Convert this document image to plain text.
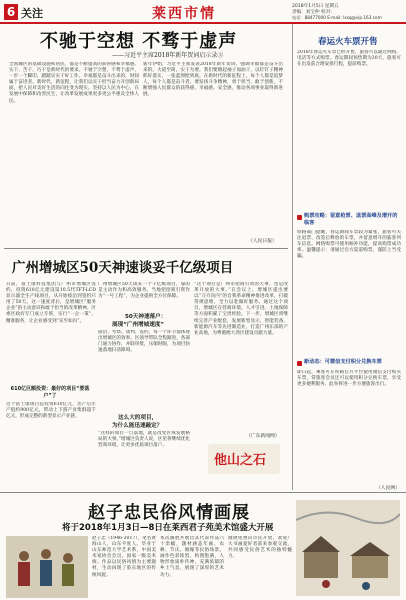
6 关注	莱西市情	2018年1月5日 星期五
责编：刘宝仲 校对：
电话：88477000 E-mail: lxsq@vip.163.com
不驰于空想 不骛于虚声
——习近平主席2018年新年贺词启示录③
全国城区的基础设施和居民，都是不断提高的获得感和幸福感。实干、苦干、巧干是新时代的要求。不驰于空想，不骛于虚声，一步一个脚印，踏踏实实干好工作。幸福都是奋斗出来的，时间属于奋进者。新时代，新征程，让我们以实干担当奋力开创新局面，把人民对美好生活的向往变为现实。坚持以人民为中心，在发展中保障和改善民生，让改革发展成果更多更公平惠及全体人民。
新年伊始，习近平主席发表2018年新年贺词，强调幸福都是奋斗出来的。大道至简，实干为要。我们要撸起袖子加油干，以钉钉子精神抓好落实，一张蓝图绘到底。在新时代的新征程上，每个人都是追梦人，每个人都是奋斗者。要发扬斗争精神，勇于担当，敢于创新，不断增强人民群众的获得感、幸福感、安全感，推动各项事业取得新进展。
（人民日报）
广州增城区50天神速谈妥千亿级项目
日前，富士康科技集团与广州市增城区签约，投资610亿元建设第10.5代TFT-LCD显示器全生产线项目，从开始接洽到签约只用了50天。这一速度背后，是增城区“服务企业”的主动意识和敢于担当的改革精神。区委区政府专门成立专班，实行“一企一策”，精准服务，让企业感受到“宾至如归”。
610亿巨额投资：最好的项目“要落户”了
这个富士康项目总投资610亿元，达产后年产值约900亿元，带动上下游产业集群超千亿元，形成完整的新型显示产业链。
广州增城区50天谈妥一个千亿级项目，靠的是主动作为和高效服务。当地把招商引资作为“一号工程”，为企业提供全方位保障。
50天神速落户：
展现“广州增城速度”
接洽、考察、谈判、签约，每一个环节都体现出增城区的效率。区领导带队全程跟进，各部门通力协作，并联审批，压缩时限，为项目快速落地扫清障碍。
这么大的项目，
为什么能迅速敲定？
“这样的项目一旦落地，就是改变区域发展格局的大事。”增城区负责人说，区里将继续优化营商环境，让更多优质项目落户。
“这个项目是广州市招商引资的大事，也是改革开放的大事。”在会议上，增城区提出要以“刀刃向内”的自我革命精神推进改革，打破常规思维，全力以赴做好服务。通过这个项目，增城区在营商环境、人才引进、土地保障等方面积累了宝贵经验。下一步，增城区将继续完善产业配套，发展新型显示、智能装备、新能源汽车等先进制造业，打造广州东部的产业高地，为粤港澳大湾区建设贡献力量。
（广东新闻网）
他山之石
春运火车票开售
2018年春运火车票已经开售，旅客可以通过网络、电话等方式购票。春运期间预售期为30天，旅客可在出发前合理安排行程，提前购票。
购票攻略：留意枪票、退票高峰及增开的临客
铁路部门提醒，春运期间车票较为紧张，旅客可关注退票、改签后释放的车票，并留意增开的临客列车信息。网络购票可使用候补功能，提高购票成功率。温馨提示：请通过官方渠道购票，谨防上当受骗。
新动态：可微信支付积分兑换车票
即日起，乘客可在铁路官方平台使用微信支付购买车票，常旅客会员还可以使用积分兑换车票，享受更多便利服务。此举将进一步方便旅客出行。
（人民网）
赵子忠民俗风情画展
将于2018年1月3日—8日在莱西君子苑美术馆盛大开展
赵子忠（1946-2017），笔名黄海山人，山东平度人。毕业于山东师范大学艺术系，中国美术家协会会员，国家一级美术师。作品以民俗风情为主要题材，生动再现了胶东地区的传统风貌。
本次画展共展出其代表作品六十余幅，题材涵盖年画、农耕、节庆、婚嫁等民俗场景。画作色彩浓烈，构图饱满，人物形象质朴传神，充满浓郁的乡土气息，展现了深厚的艺术功力。
画展免费向市民开放，欢迎广大书画爱好者前来参观交流，共同感受民俗艺术的独特魅力。
